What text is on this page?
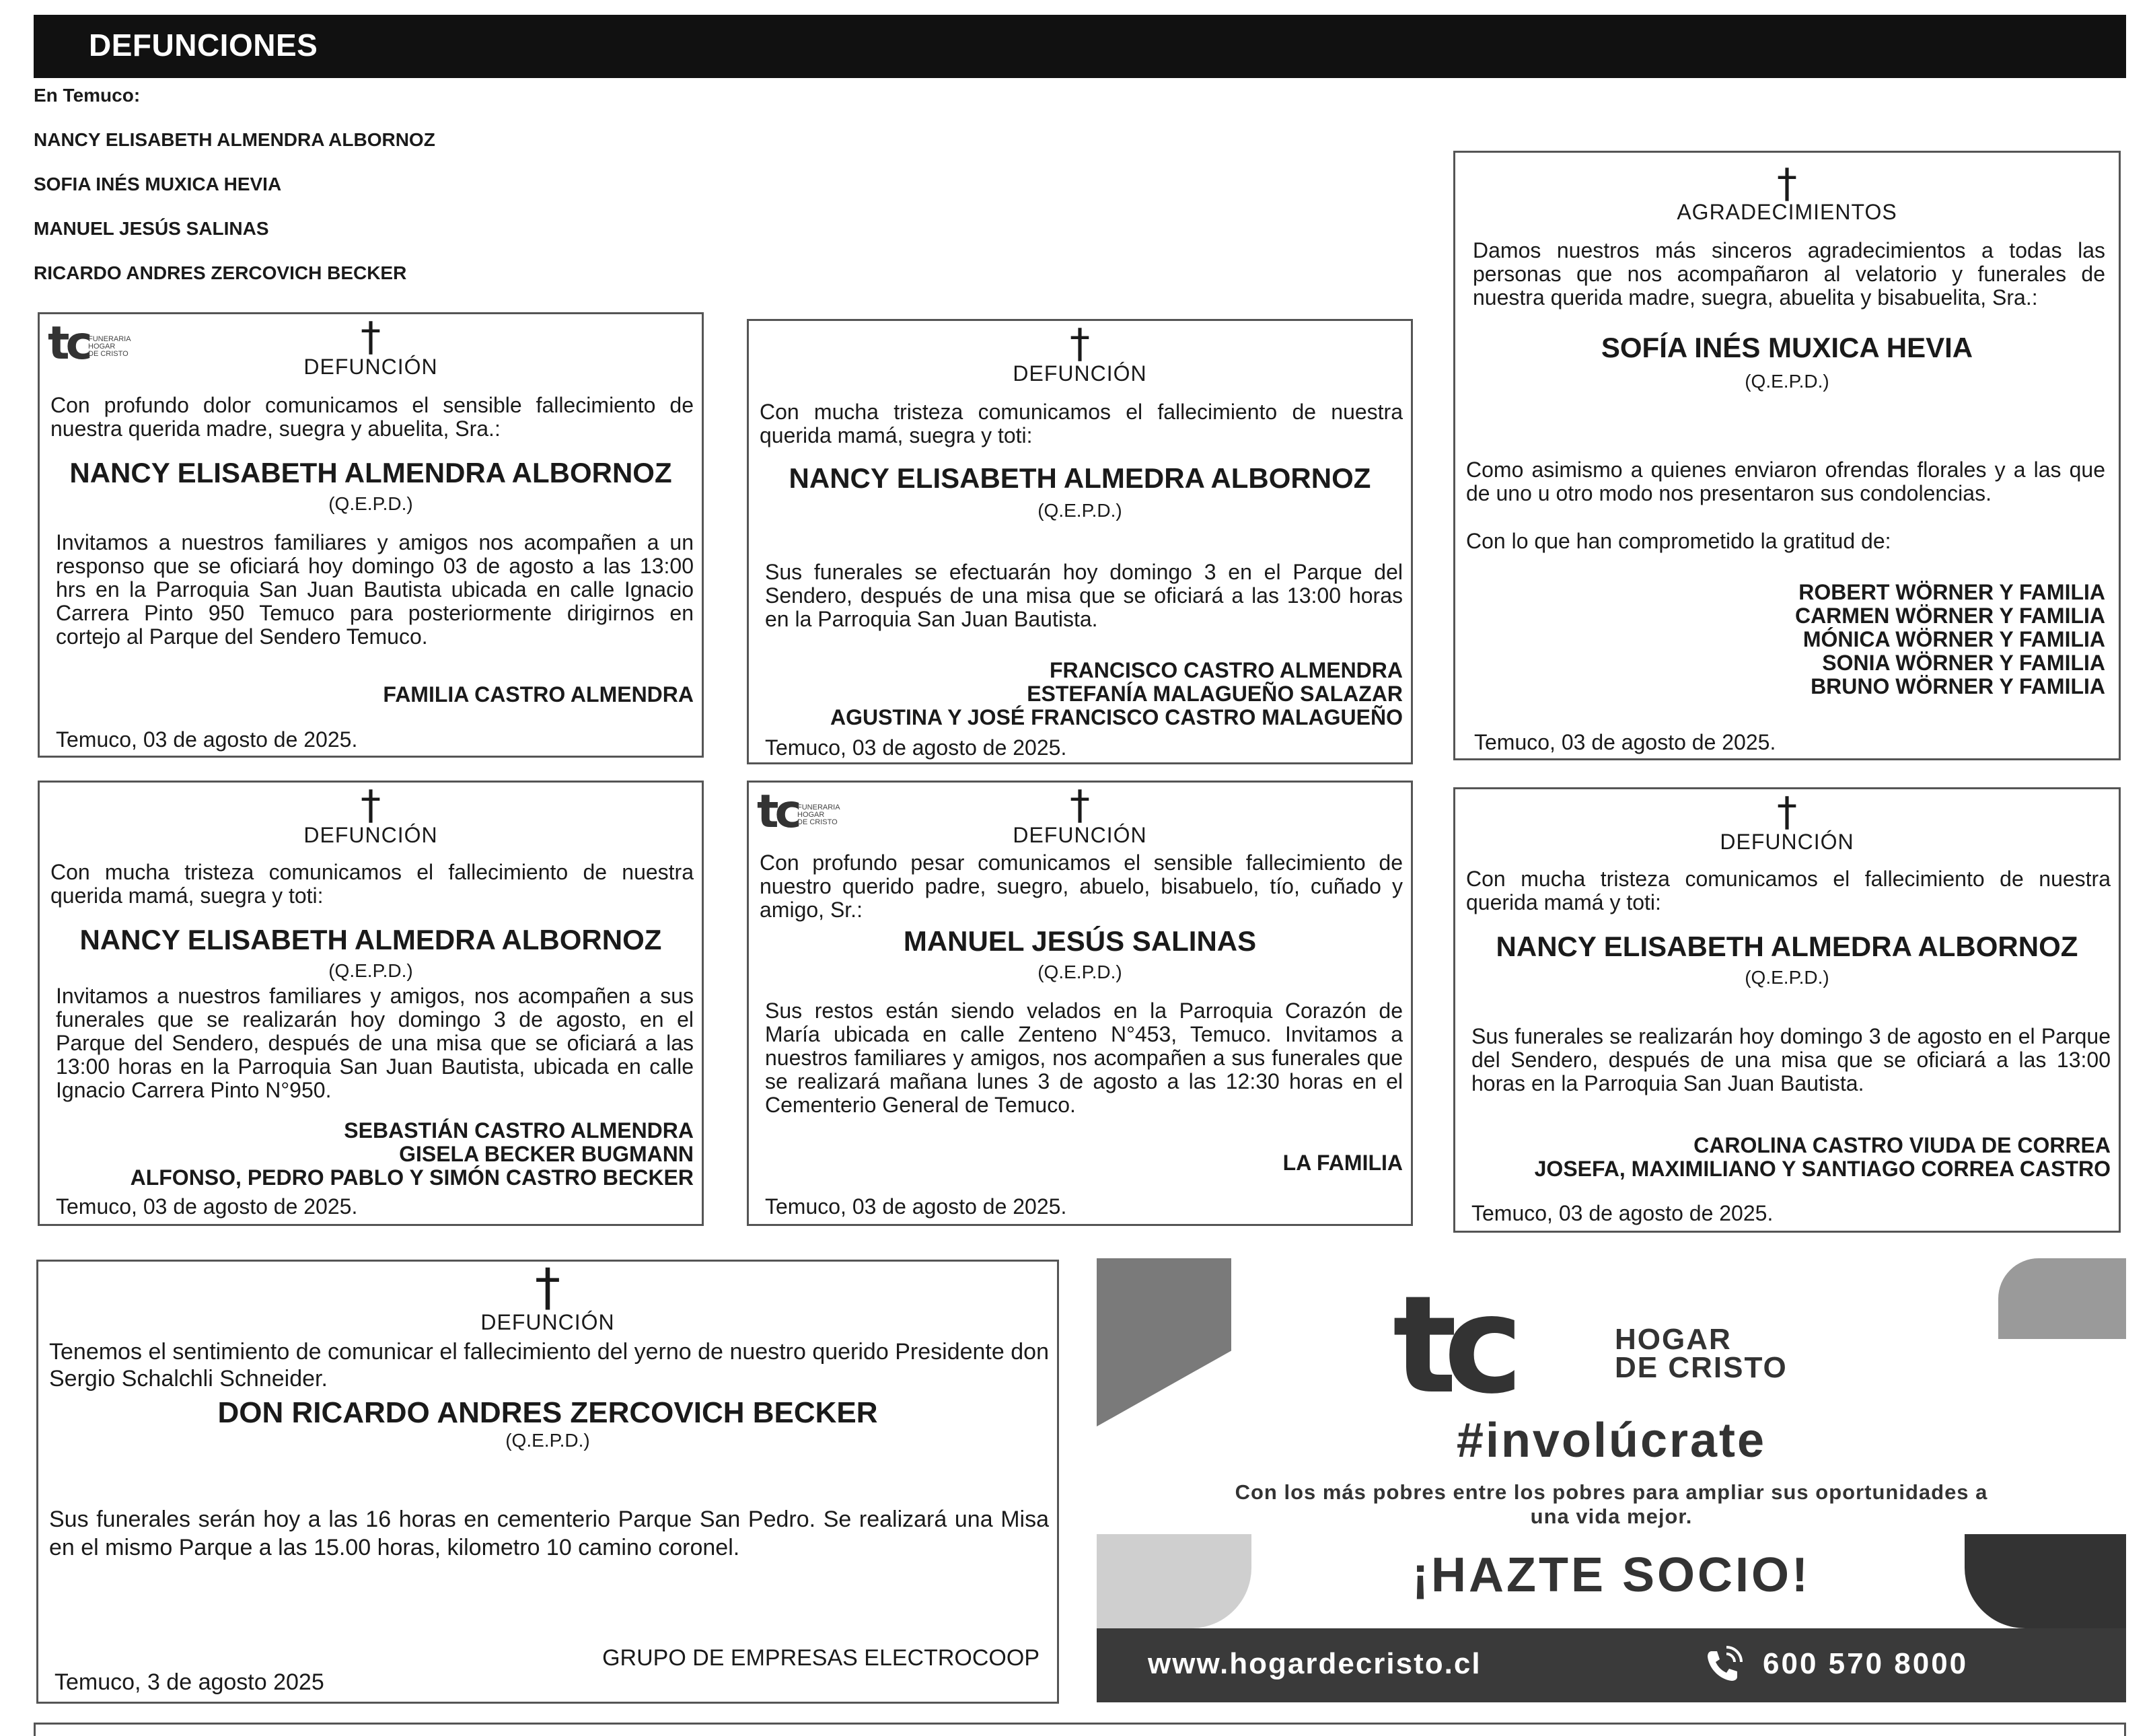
DEFUNCIONES
En Temuco:
NANCY ELISABETH ALMENDRA ALBORNOZ
SOFIA INÉS MUXICA HEVIA
MANUEL JESÚS SALINAS
RICARDO ANDRES ZERCOVICH BECKER
tc FUNERARIA
HOGAR
DE CRISTO	†
DEFUNCIÓN
Con profundo dolor comunicamos el sensible fallecimiento de nuestra querida madre, suegra y abuelita, Sra.:
NANCY ELISABETH ALMENDRA ALBORNOZ
(Q.E.P.D.)
Invitamos a nuestros familiares y amigos nos acompañen a un responso que se oficiará hoy domingo 03 de agosto a las 13:00 hrs en la Parroquia San Juan Bautista ubicada en calle Ignacio Carrera Pinto 950 Temuco para posteriormente dirigirnos en cortejo al Parque del Sendero Temuco.
FAMILIA CASTRO ALMENDRA
Temuco, 03 de agosto de 2025.
†
DEFUNCIÓN
Con mucha tristeza comunicamos el fallecimiento de nuestra querida mamá, suegra y toti:
NANCY ELISABETH ALMEDRA ALBORNOZ
(Q.E.P.D.)
Sus funerales se efectuarán hoy domingo 3 en el Parque del Sendero, después de una misa que se oficiará a las 13:00 horas en la Parroquia San Juan Bautista.
FRANCISCO CASTRO ALMENDRA
ESTEFANÍA MALAGUEÑO SALAZAR
AGUSTINA Y JOSÉ FRANCISCO CASTRO MALAGUEÑO
Temuco, 03 de agosto de 2025.
†
AGRADECIMIENTOS
Damos nuestros más sinceros agradecimientos a todas las personas que nos acompañaron al velatorio y funerales de nuestra querida madre, suegra, abuelita y bisabuelita, Sra.:
SOFÍA INÉS MUXICA HEVIA
(Q.E.P.D.)
Como asimismo a quienes enviaron ofrendas florales y a las que de uno u otro modo nos presentaron sus condolencias.
Con lo que han comprometido la gratitud de:
ROBERT WÖRNER Y FAMILIA
CARMEN WÖRNER Y FAMILIA
MÓNICA WÖRNER Y FAMILIA
SONIA WÖRNER Y FAMILIA
BRUNO WÖRNER Y FAMILIA
Temuco, 03 de agosto de 2025.
†
DEFUNCIÓN
Con mucha tristeza comunicamos el fallecimiento de nuestra querida mamá, suegra y toti:
NANCY ELISABETH ALMEDRA ALBORNOZ
(Q.E.P.D.)
Invitamos a nuestros familiares y amigos, nos acompañen a sus funerales que se realizarán hoy domingo 3 de agosto, en el Parque del Sendero, después de una misa que se oficiará a las 13:00 horas en la Parroquia San Juan Bautista, ubicada en calle Ignacio Carrera Pinto N°950.
SEBASTIÁN CASTRO ALMENDRA
GISELA BECKER BUGMANN
ALFONSO, PEDRO PABLO Y SIMÓN CASTRO BECKER
Temuco, 03 de agosto de 2025.
tc FUNERARIA
HOGAR
DE CRISTO	†
DEFUNCIÓN
Con profundo pesar comunicamos el sensible fallecimiento de nuestro querido padre, suegro, abuelo, bisabuelo, tío, cuñado y amigo, Sr.:
MANUEL JESÚS SALINAS
(Q.E.P.D.)
Sus restos están siendo velados en la Parroquia Corazón de María ubicada en calle Zenteno N°453, Temuco. Invitamos a nuestros familiares y amigos, nos acompañen a sus funerales que se realizará mañana lunes 3 de agosto a las 12:30 horas en el Cementerio General de Temuco.
LA FAMILIA
Temuco, 03 de agosto de 2025.
†
DEFUNCIÓN
Con mucha tristeza comunicamos el fallecimiento de nuestra querida mamá y toti:
NANCY ELISABETH ALMEDRA ALBORNOZ
(Q.E.P.D.)
Sus funerales se realizarán hoy domingo 3 de agosto en el Parque del Sendero, después de una misa que se oficiará a las 13:00 horas en la Parroquia San Juan Bautista.
CAROLINA CASTRO VIUDA DE CORREA
JOSEFA, MAXIMILIANO Y SANTIAGO CORREA CASTRO
Temuco, 03 de agosto de 2025.
†
DEFUNCIÓN
Tenemos el sentimiento de comunicar el fallecimiento del yerno de nuestro querido Presidente don Sergio Schalchli Schneider.
DON RICARDO ANDRES ZERCOVICH BECKER
(Q.E.P.D.)
Sus funerales serán hoy a las 16 horas en cementerio Parque San Pedro. Se realizará una Misa en el mismo Parque a las 15.00 horas, kilometro 10 camino coronel.
GRUPO DE EMPRESAS ELECTROCOOP
Temuco, 3 de agosto 2025
tc	HOGAR
DE CRISTO
#involúcrate
Con los más pobres entre los pobres para ampliar sus oportunidades a una vida mejor.
¡HAZTE SOCIO!
www.hogardecristo.cl	600 570 8000
